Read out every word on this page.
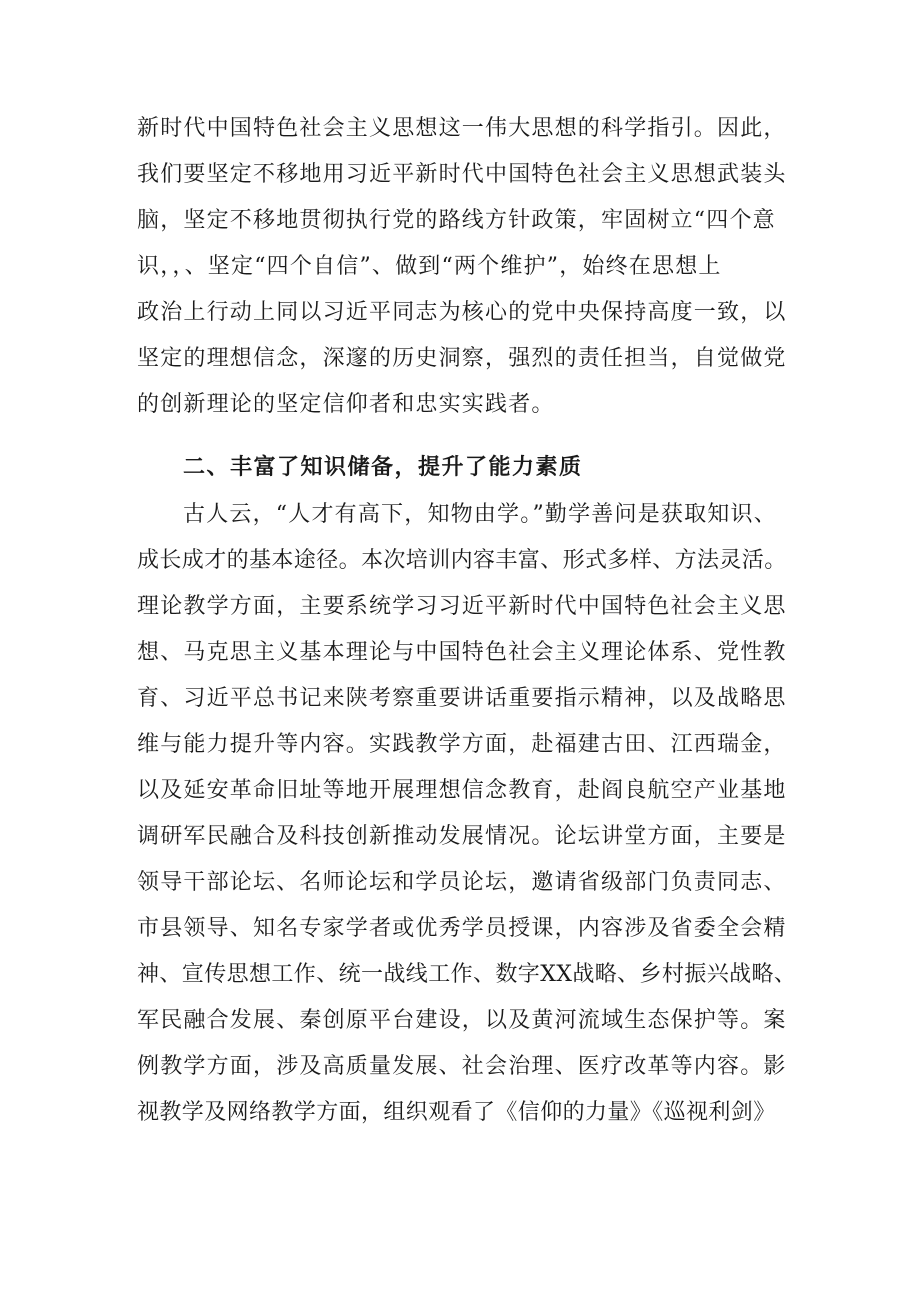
新时代中国特色社会主义思想这一伟大思想的科学指引。因此，
我们要坚定不移地用习近平新时代中国特色社会主义思想武装头
脑，坚定不移地贯彻执行党的路线方针政策，牢固树立“四个意
识，，、坚定“四个自信”、做到“两个维护”，始终在思想上
政治上行动上同以习近平同志为核心的党中央保持高度一致，以
坚定的理想信念，深邃的历史洞察，强烈的责任担当，自觉做党
的创新理论的坚定信仰者和忠实实践者。
二、丰富了知识储备，提升了能力素质
古人云，“人才有高下，知物由学。”勤学善问是获取知识、
成长成才的基本途径。本次培训内容丰富、形式多样、方法灵活。
理论教学方面，主要系统学习习近平新时代中国特色社会主义思
想、马克思主义基本理论与中国特色社会主义理论体系、党性教
育、习近平总书记来陕考察重要讲话重要指示精神，以及战略思
维与能力提升等内容。实践教学方面，赴福建古田、江西瑞金，
以及延安革命旧址等地开展理想信念教育，赴阎良航空产业基地
调研军民融合及科技创新推动发展情况。论坛讲堂方面，主要是
领导干部论坛、名师论坛和学员论坛，邀请省级部门负责同志、
市县领导、知名专家学者或优秀学员授课，内容涉及省委全会精
神、宣传思想工作、统一战线工作、数字XX战略、乡村振兴战略、
军民融合发展、秦创原平台建设，以及黄河流域生态保护等。案
例教学方面，涉及高质量发展、社会治理、医疗改革等内容。影
视教学及网络教学方面，组织观看了《信仰的力量》《巡视利剑》
